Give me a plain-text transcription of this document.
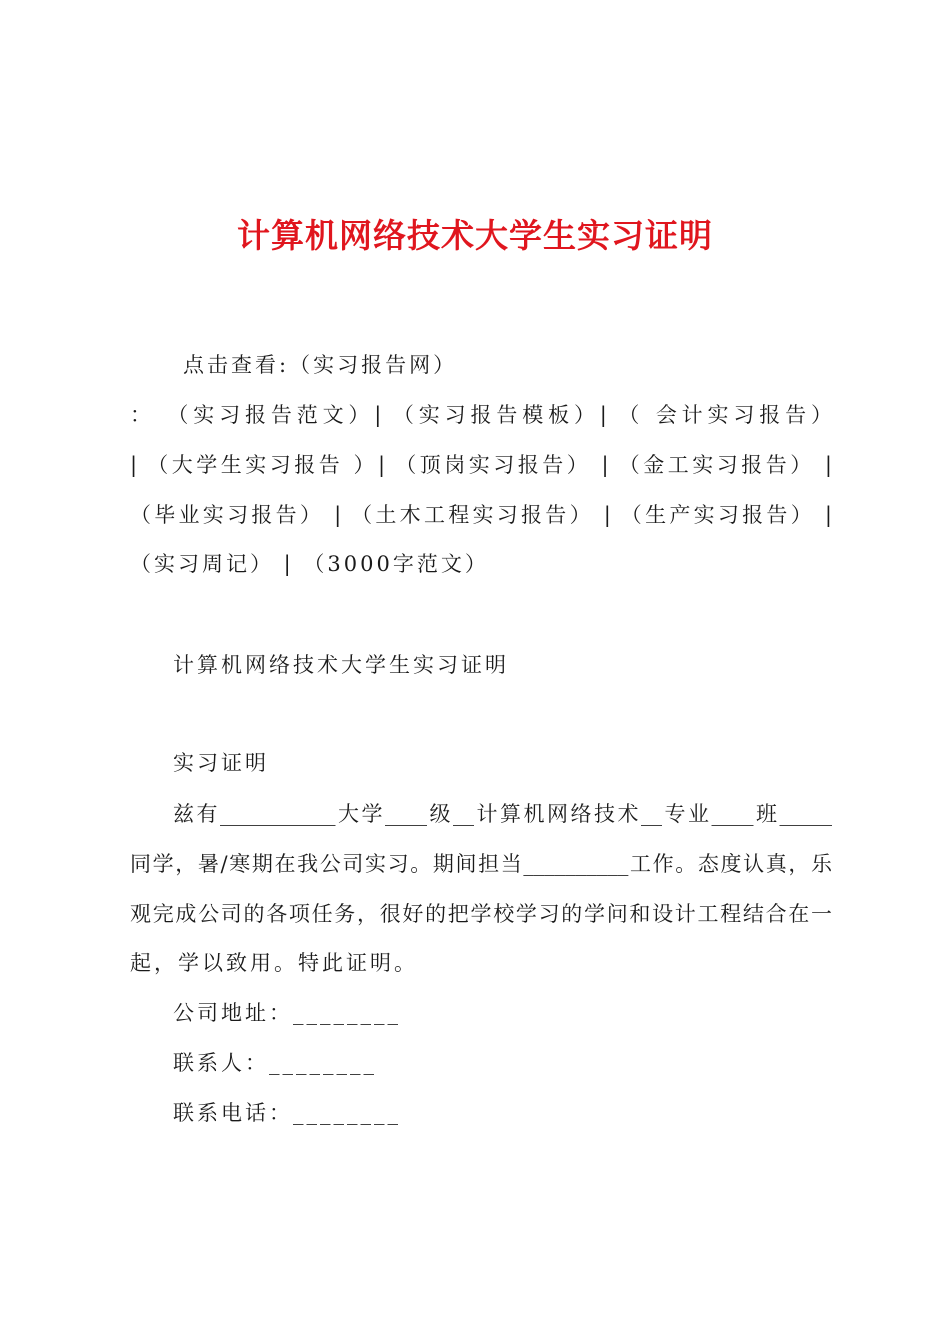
计算机网络技术大学生实习证明

点击查看:（实习报告网）

： （实习报告范文）| （实习报告模板）| （ 会计实习报告）
| （大学生实习报告 ）| （顶岗实习报告） | （金工实习报告） |
（毕业实习报告） | （土木工程实习报告） | （生产实习报告） |

（实习周记） | （3000字范文）

计算机网络技术大学生实习证明

实习证明

兹有___________大学____级__计算机网络技术__专业____班_____
同学，暑/寒期在我公司实习。期间担当__________工作。态度认真，乐
观完成公司的各项任务，很好的把学校学习的学问和设计工程结合在一

起，学以致用。特此证明。

公司地址：________

联系人：________

联系电话：________
